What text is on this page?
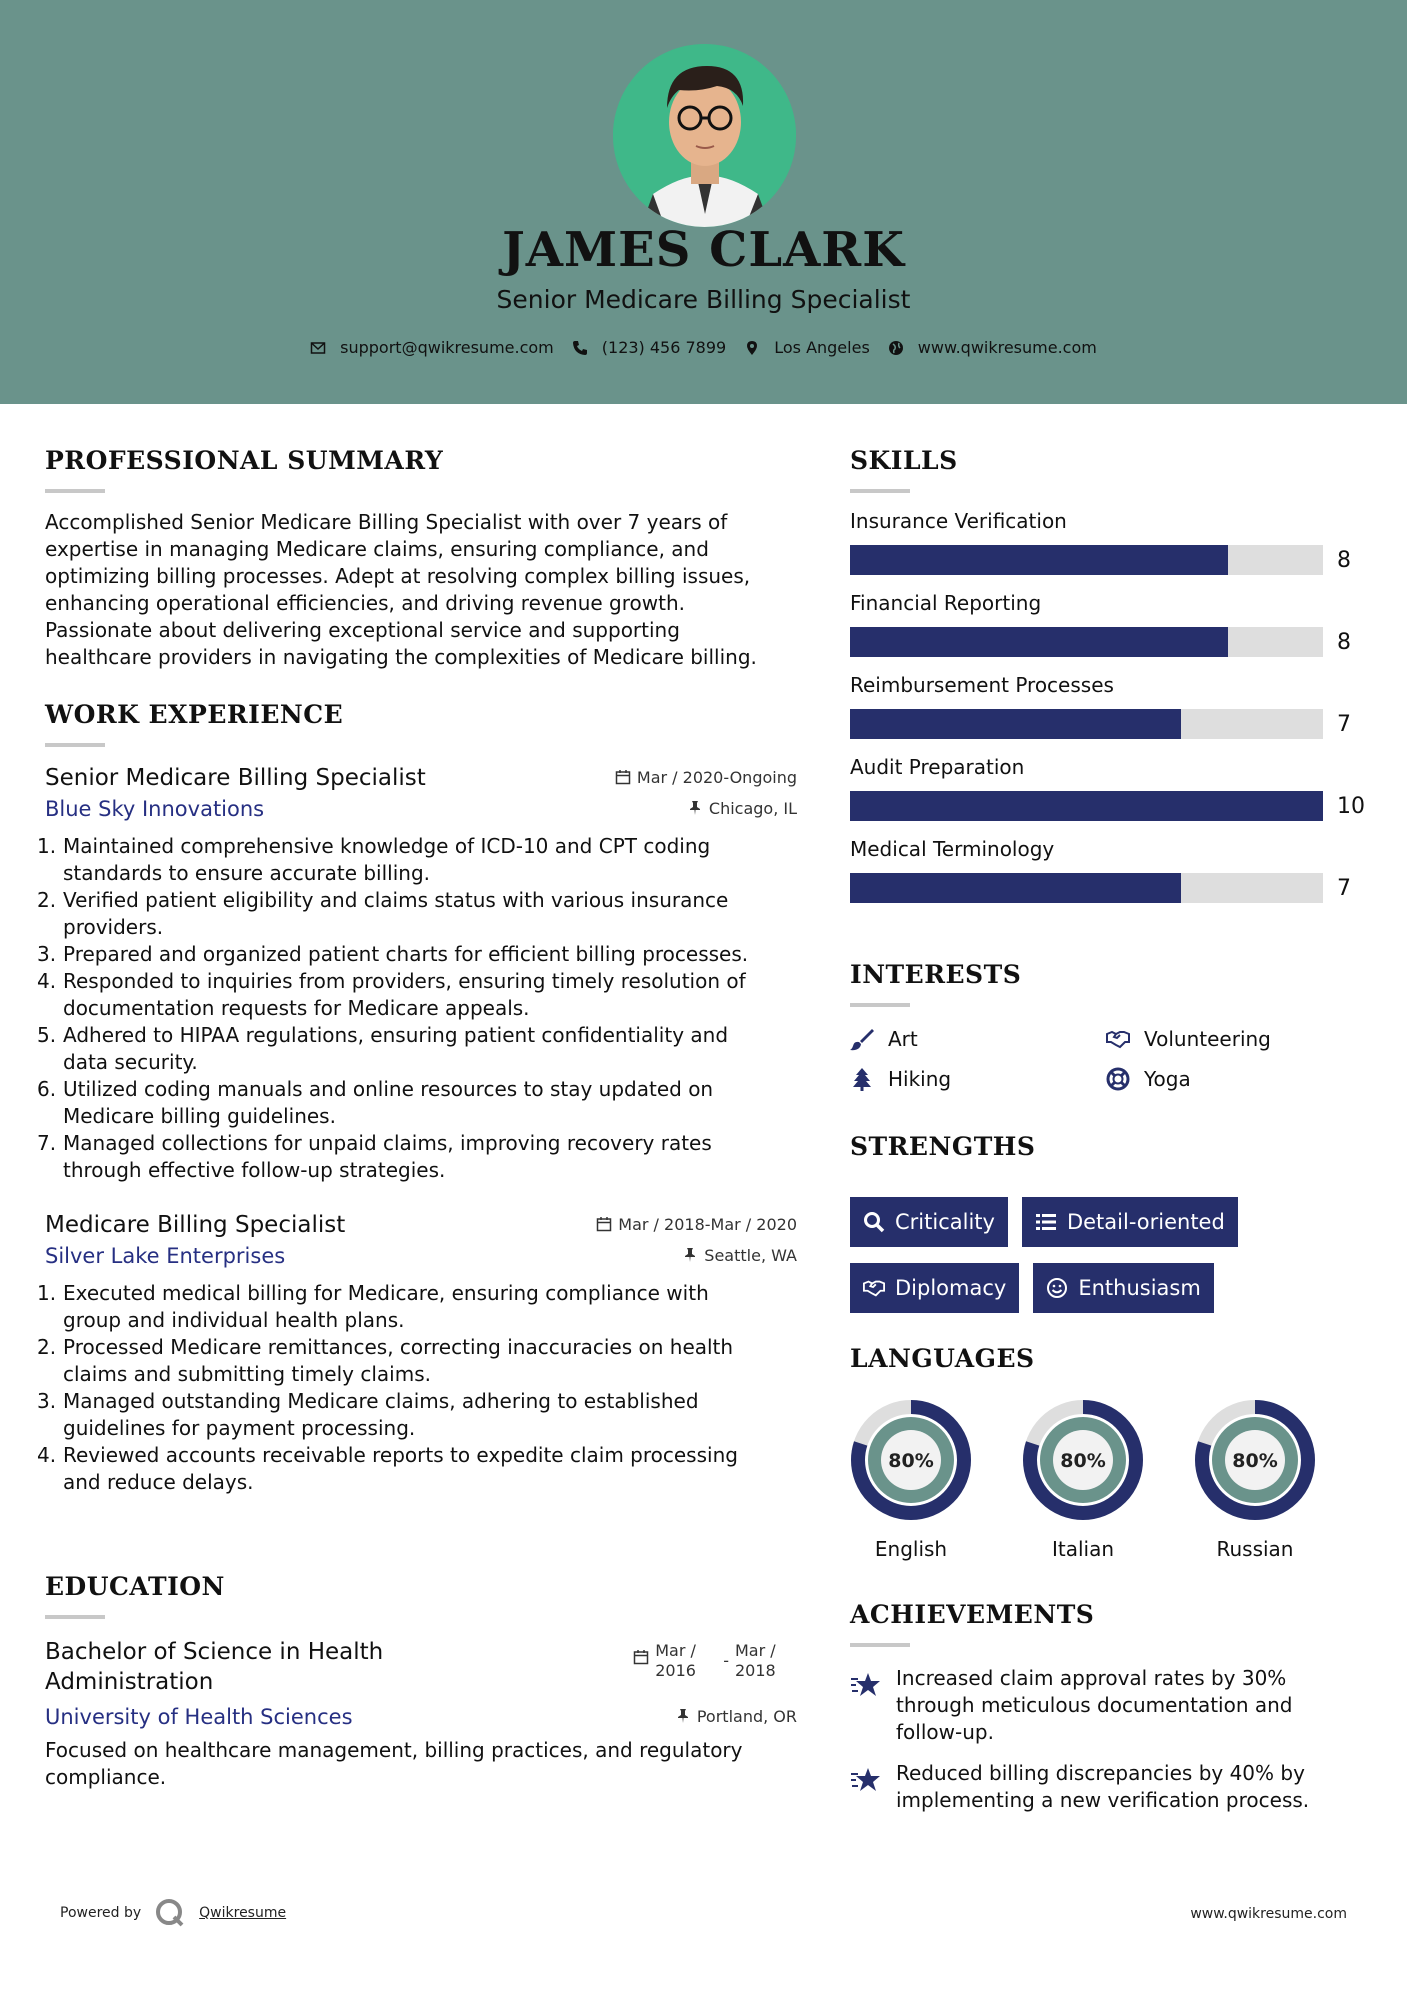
JAMES CLARK
Senior Medicare Billing Specialist
support@qwikresume.com	(123) 456 7899	Los Angeles	www.qwikresume.com
PROFESSIONAL SUMMARY
Accomplished Senior Medicare Billing Specialist with over 7 years of
expertise in managing Medicare claims, ensuring compliance, and
optimizing billing processes. Adept at resolving complex billing issues,
enhancing operational efficiencies, and driving revenue growth.
Passionate about delivering exceptional service and supporting
healthcare providers in navigating the complexities of Medicare billing.
WORK EXPERIENCE
Senior Medicare Billing Specialist	Mar / 2020-Ongoing
Blue Sky Innovations	Chicago, IL
1. Maintained comprehensive knowledge of ICD-10 and CPT coding
standards to ensure accurate billing.
2. Verified patient eligibility and claims status with various insurance
providers.
3. Prepared and organized patient charts for efficient billing processes.
4. Responded to inquiries from providers, ensuring timely resolution of
documentation requests for Medicare appeals.
5. Adhered to HIPAA regulations, ensuring patient confidentiality and
data security.
6. Utilized coding manuals and online resources to stay updated on
Medicare billing guidelines.
7. Managed collections for unpaid claims, improving recovery rates
through effective follow-up strategies.
Medicare Billing Specialist	Mar / 2018-Mar / 2020
Silver Lake Enterprises	Seattle, WA
1. Executed medical billing for Medicare, ensuring compliance with
group and individual health plans.
2. Processed Medicare remittances, correcting inaccuracies on health
claims and submitting timely claims.
3. Managed outstanding Medicare claims, adhering to established
guidelines for payment processing.
4. Reviewed accounts receivable reports to expedite claim processing
and reduce delays.
EDUCATION
Bachelor of Science in Health
Administration
Mar /
2016
-
Mar /
2018
University of Health Sciences	Portland, OR
Focused on healthcare management, billing practices, and regulatory
compliance.
SKILLS
Insurance Verification
8
Financial Reporting
8
Reimbursement Processes
7
Audit Preparation
10
Medical Terminology
7
INTERESTS
Art	Volunteering
Hiking	Yoga
STRENGTHS
Criticality	Detail-oriented
Diplomacy	Enthusiasm
LANGUAGES
80%
English
80%
Italian
80%
Russian
ACHIEVEMENTS
Increased claim approval rates by 30%
through meticulous documentation and
follow-up.
Reduced billing discrepancies by 40% by
implementing a new verification process.
Powered by	Qwikresume	www.qwikresume.com
